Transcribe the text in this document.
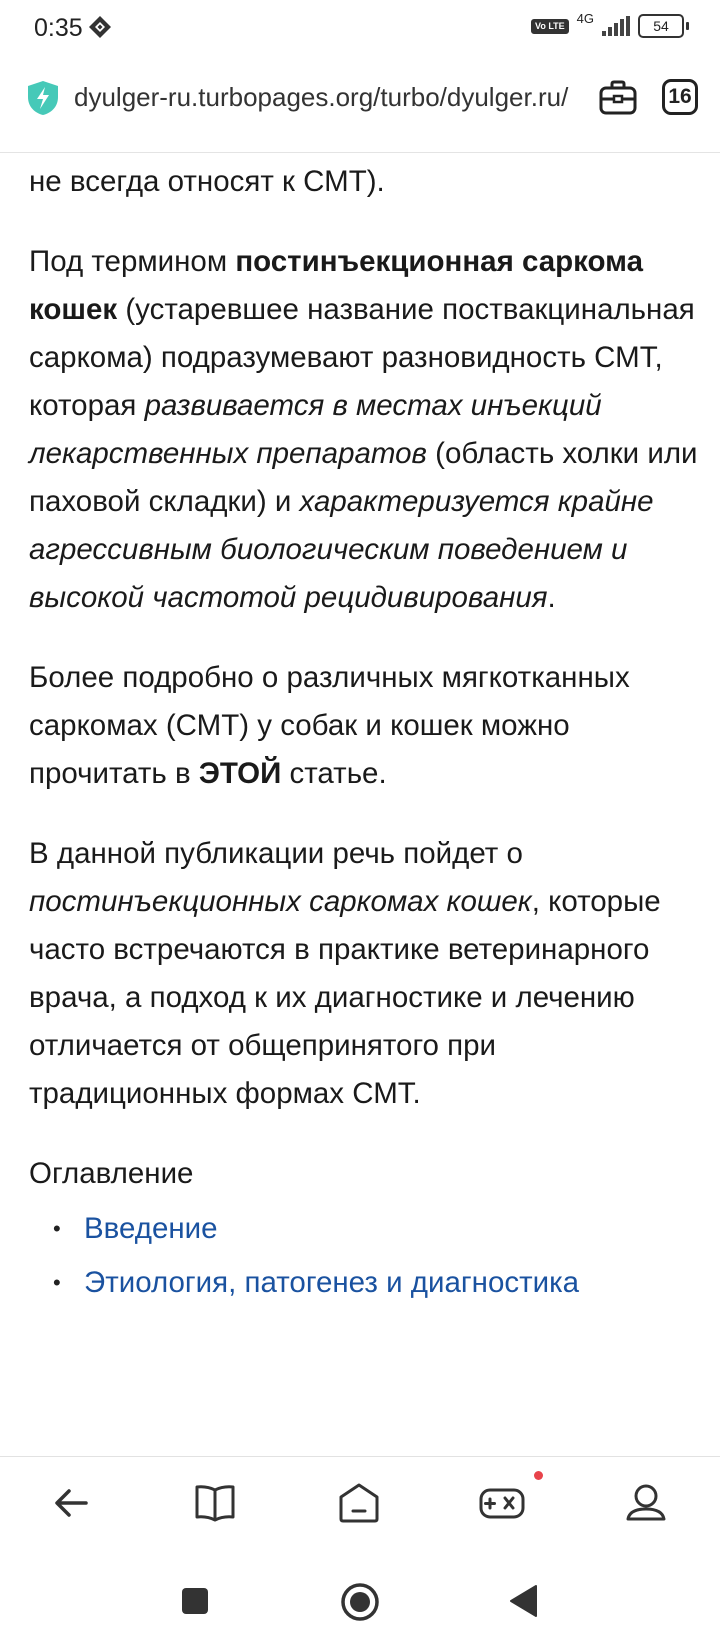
0:35	Vo LTE 4G	54
dyulger-ru.turbopages.org/turbo/dyulger.ru/	16

не всегда относят к СМТ).

Под термином постинъекционная саркома кошек (устаревшее название поствакцинальная саркома) подразумевают разновидность СМТ, которая развивается в местах инъекций лекарственных препаратов (область холки или паховой складки) и характеризуется крайне агрессивным биологическим поведением и высокой частотой рецидивирования.

Более подробно о различных мягкотканных саркомах (СМТ) у собак и кошек можно прочитать в ЭТОЙ статье.

В данной публикации речь пойдет о постинъекционных саркомах кошек, которые часто встречаются в практике ветеринарного врача, а подход к их диагностике и лечению отличается от общепринятого при традиционных формах СМТ.

Оглавление
• Введение
• Этиология, патогенез и диагностика
